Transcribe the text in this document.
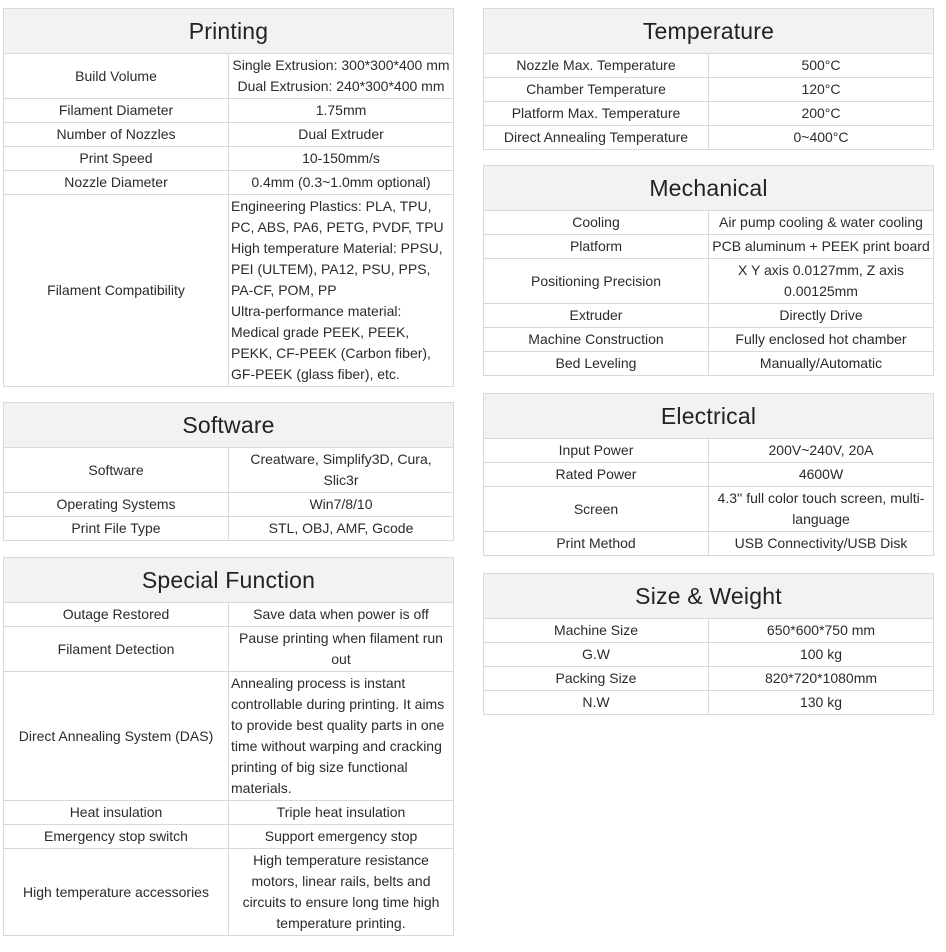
Printing	
Build Volume	Single Extrusion: 300*300*400 mm
Dual Extrusion: 240*300*400 mm

Filament Diameter	1.75mm
Number of Nozzles	Dual Extruder
Print Speed	10-150mm/s
Nozzle Diameter	0.4mm (0.3~1.0mm optional)
Filament Compatibility	Engineering Plastics: PLA, TPU, PC, ABS, PA6, PETG, PVDF, TPU
High temperature Material: PPSU, PEI (ULTEM), PA12, PSU, PPS, PA-CF, POM, PP
Ultra-performance material: Medical grade PEEK, PEEK, PEKK, CF-PEEK (Carbon fiber), GF-PEEK (glass fiber), etc.
Software	
Software	Creatware, Simplify3D, Cura, Slic3r
Operating Systems	Win7/8/10
Print File Type	STL, OBJ, AMF, Gcode
Special Function	
Outage Restored	Save data when power is off
Filament Detection	Pause printing when filament run out
Direct Annealing System (DAS)	Annealing process is instant controllable during printing. It aims to provide best quality parts in one time without warping and cracking printing of big size functional materials.
Heat insulation	Triple heat insulation
Emergency stop switch	Support emergency stop
High temperature accessories	High temperature resistance motors, linear rails, belts and circuits to ensure long time high temperature printing.
Temperature	
Nozzle Max. Temperature	500°C
Chamber Temperature	120°C
Platform Max. Temperature	200°C
Direct Annealing Temperature	0~400°C
Mechanical	
Cooling	Air pump cooling & water cooling
Platform	PCB aluminum + PEEK print board
Positioning Precision	X Y axis 0.0127mm, Z axis 0.00125mm
Extruder	Directly Drive
Machine Construction	Fully enclosed hot chamber
Bed Leveling	Manually/Automatic
Electrical	
Input Power	200V~240V, 20A
Rated Power	4600W
Screen	4.3'' full color touch screen, multi-language
Print Method	USB Connectivity/USB Disk
Size & Weight	
Machine Size	650*600*750 mm
G.W	100 kg
Packing Size	820*720*1080mm
N.W	130 kg
